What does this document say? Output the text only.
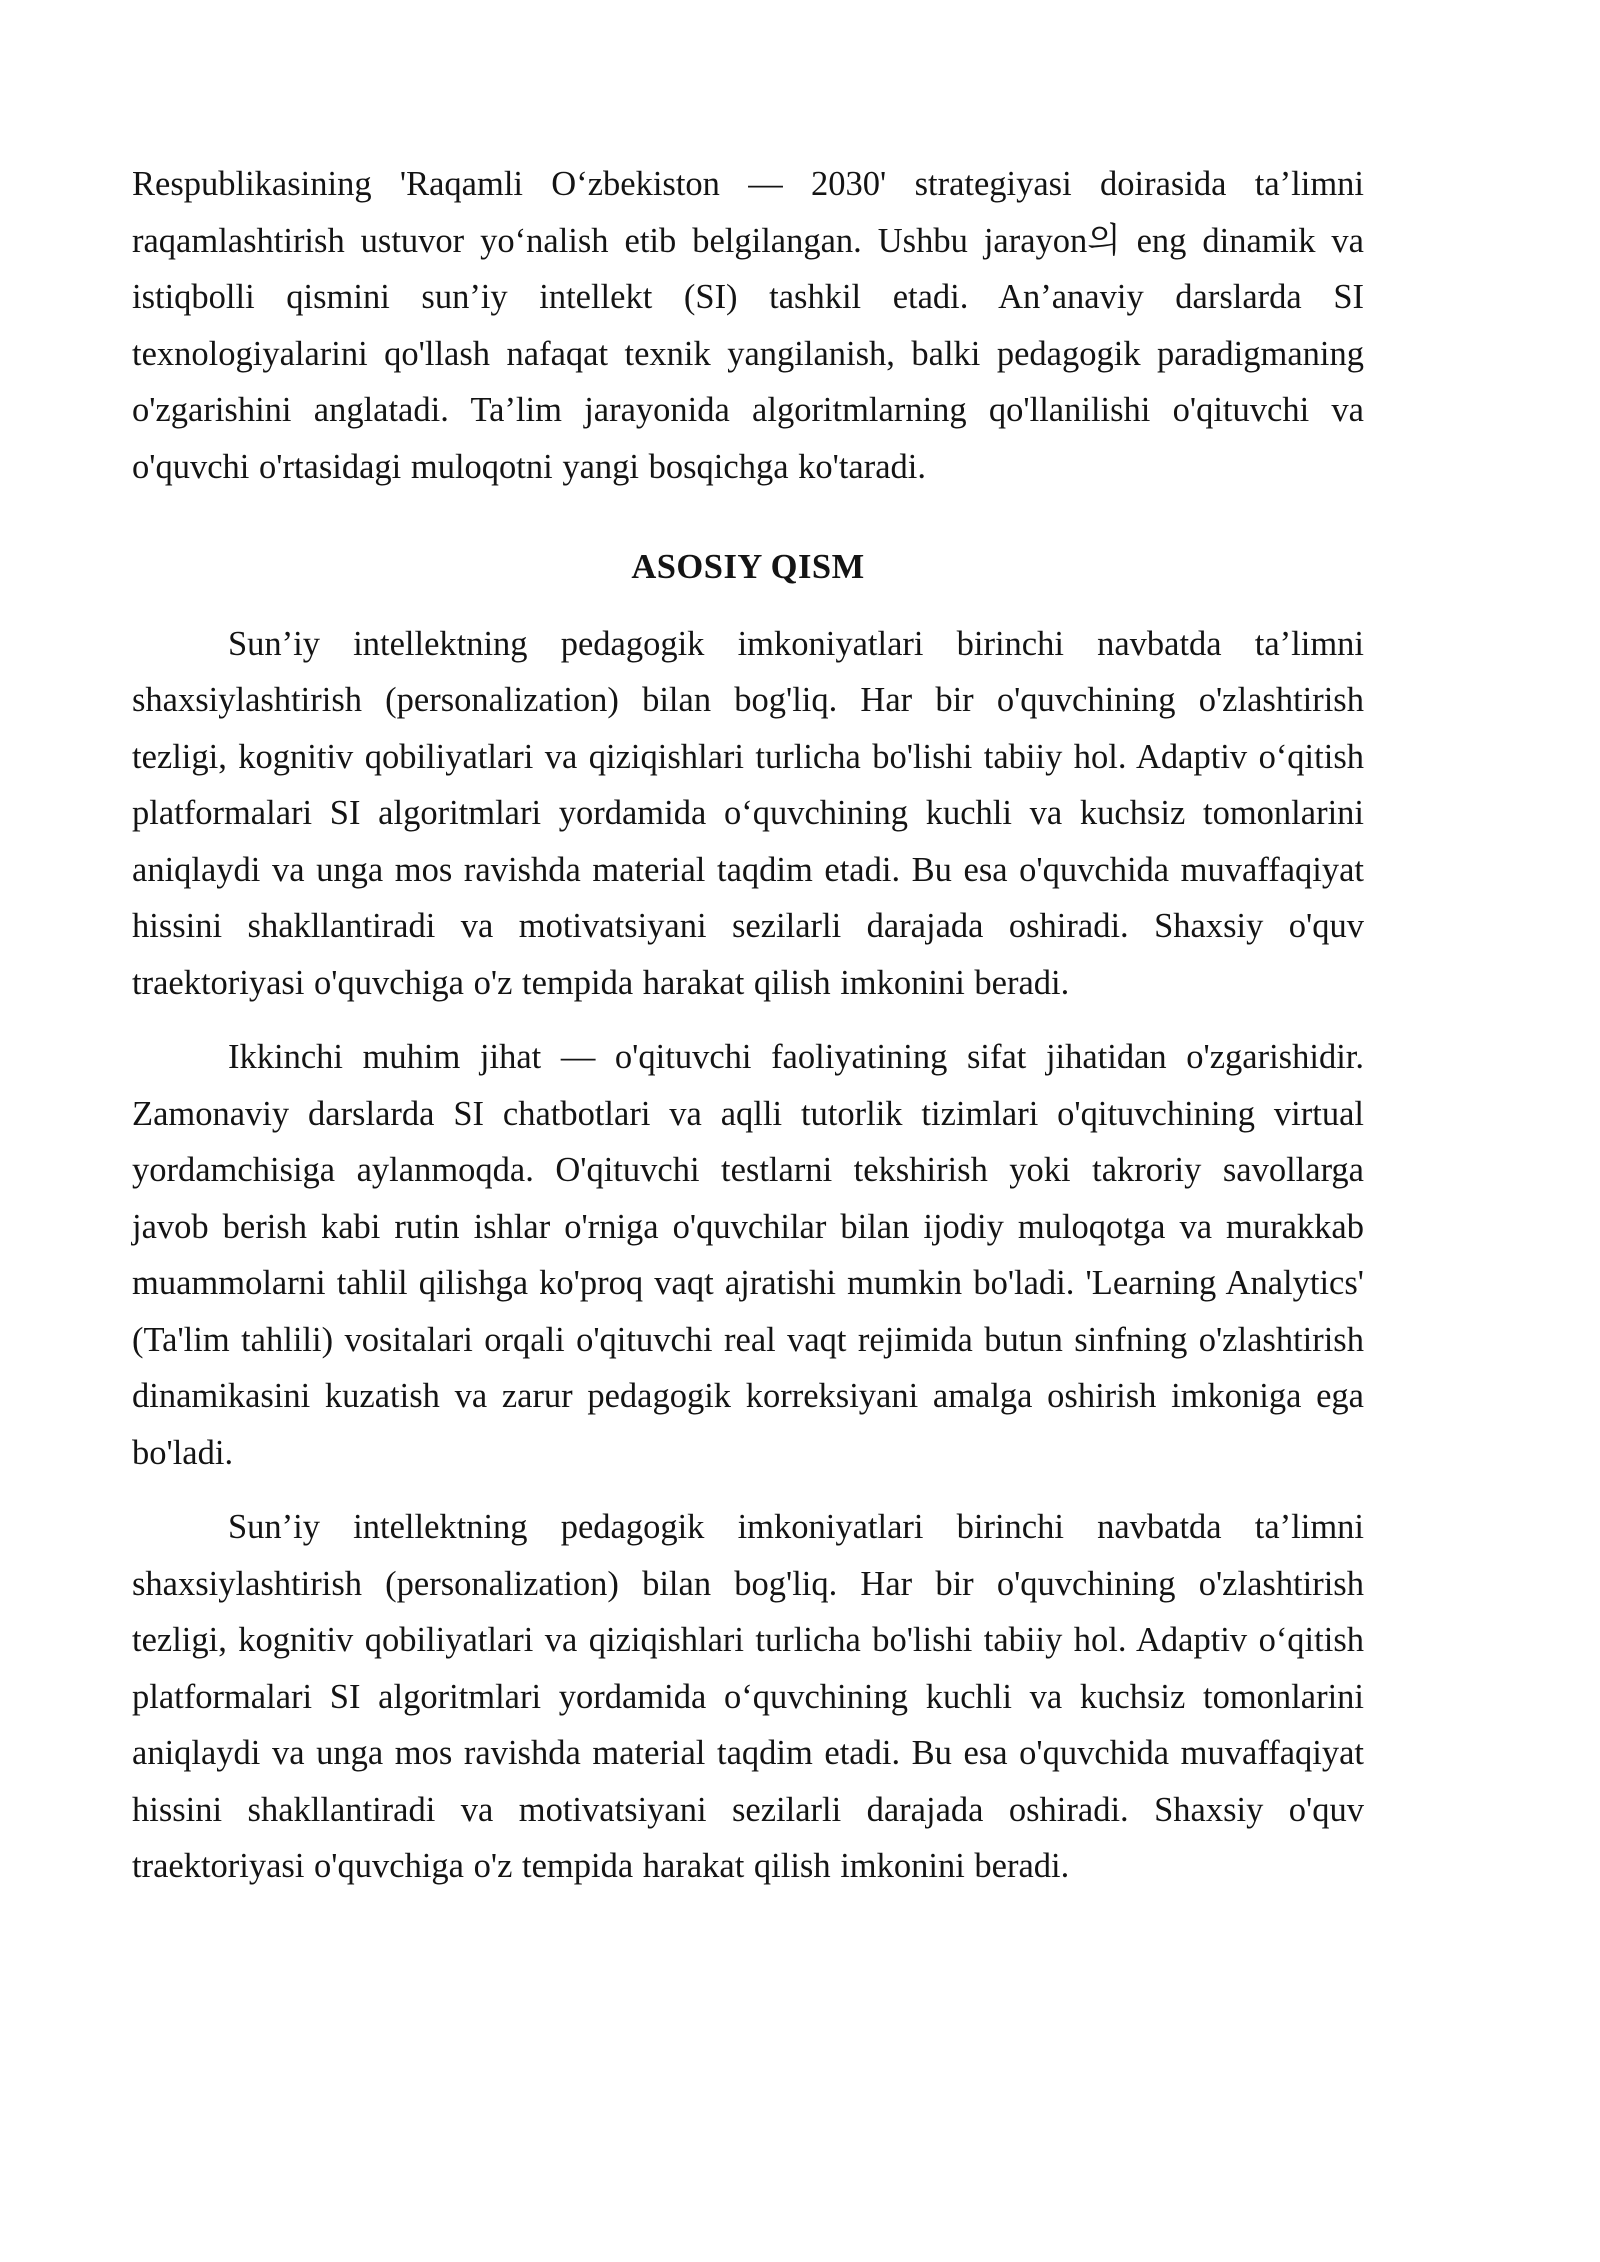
Respublikasining 'Raqamli O‘zbekiston — 2030' strategiyasi doirasida ta’limni raqamlashtirish ustuvor yo‘nalish etib belgilangan. Ushbu jarayon의 eng dinamik va istiqbolli qismini sun’iy intellekt (SI) tashkil etadi. An’anaviy darslarda SI texnologiyalarini qo'llash nafaqat texnik yangilanish, balki pedagogik paradigmaning o'zgarishini anglatadi. Ta’lim jarayonida algoritmlarning qo'llanilishi o'qituvchi va o'quvchi o'rtasidagi muloqotni yangi bosqichga ko'taradi.

ASOSIY QISM

Sun’iy intellektning pedagogik imkoniyatlari birinchi navbatda ta’limni shaxsiylashtirish (personalization) bilan bog'liq. Har bir o'quvchining o'zlashtirish tezligi, kognitiv qobiliyatlari va qiziqishlari turlicha bo'lishi tabiiy hol. Adaptiv o‘qitish platformalari SI algoritmlari yordamida o‘quvchining kuchli va kuchsiz tomonlarini aniqlaydi va unga mos ravishda material taqdim etadi. Bu esa o'quvchida muvaffaqiyat hissini shakllantiradi va motivatsiyani sezilarli darajada oshiradi. Shaxsiy o'quv traektoriyasi o'quvchiga o'z tempida harakat qilish imkonini beradi.

Ikkinchi muhim jihat — o'qituvchi faoliyatining sifat jihatidan o'zgarishidir. Zamonaviy darslarda SI chatbotlari va aqlli tutorlik tizimlari o'qituvchining virtual yordamchisiga aylanmoqda. O'qituvchi testlarni tekshirish yoki takroriy savollarga javob berish kabi rutin ishlar o'rniga o'quvchilar bilan ijodiy muloqotga va murakkab muammolarni tahlil qilishga ko'proq vaqt ajratishi mumkin bo'ladi. 'Learning Analytics' (Ta'lim tahlili) vositalari orqali o'qituvchi real vaqt rejimida butun sinfning o'zlashtirish dinamikasini kuzatish va zarur pedagogik korreksiyani amalga oshirish imkoniga ega bo'ladi.

Sun’iy intellektning pedagogik imkoniyatlari birinchi navbatda ta’limni shaxsiylashtirish (personalization) bilan bog'liq. Har bir o'quvchining o'zlashtirish tezligi, kognitiv qobiliyatlari va qiziqishlari turlicha bo'lishi tabiiy hol. Adaptiv o‘qitish platformalari SI algoritmlari yordamida o‘quvchining kuchli va kuchsiz tomonlarini aniqlaydi va unga mos ravishda material taqdim etadi. Bu esa o'quvchida muvaffaqiyat hissini shakllantiradi va motivatsiyani sezilarli darajada oshiradi. Shaxsiy o'quv traektoriyasi o'quvchiga o'z tempida harakat qilish imkonini beradi.
